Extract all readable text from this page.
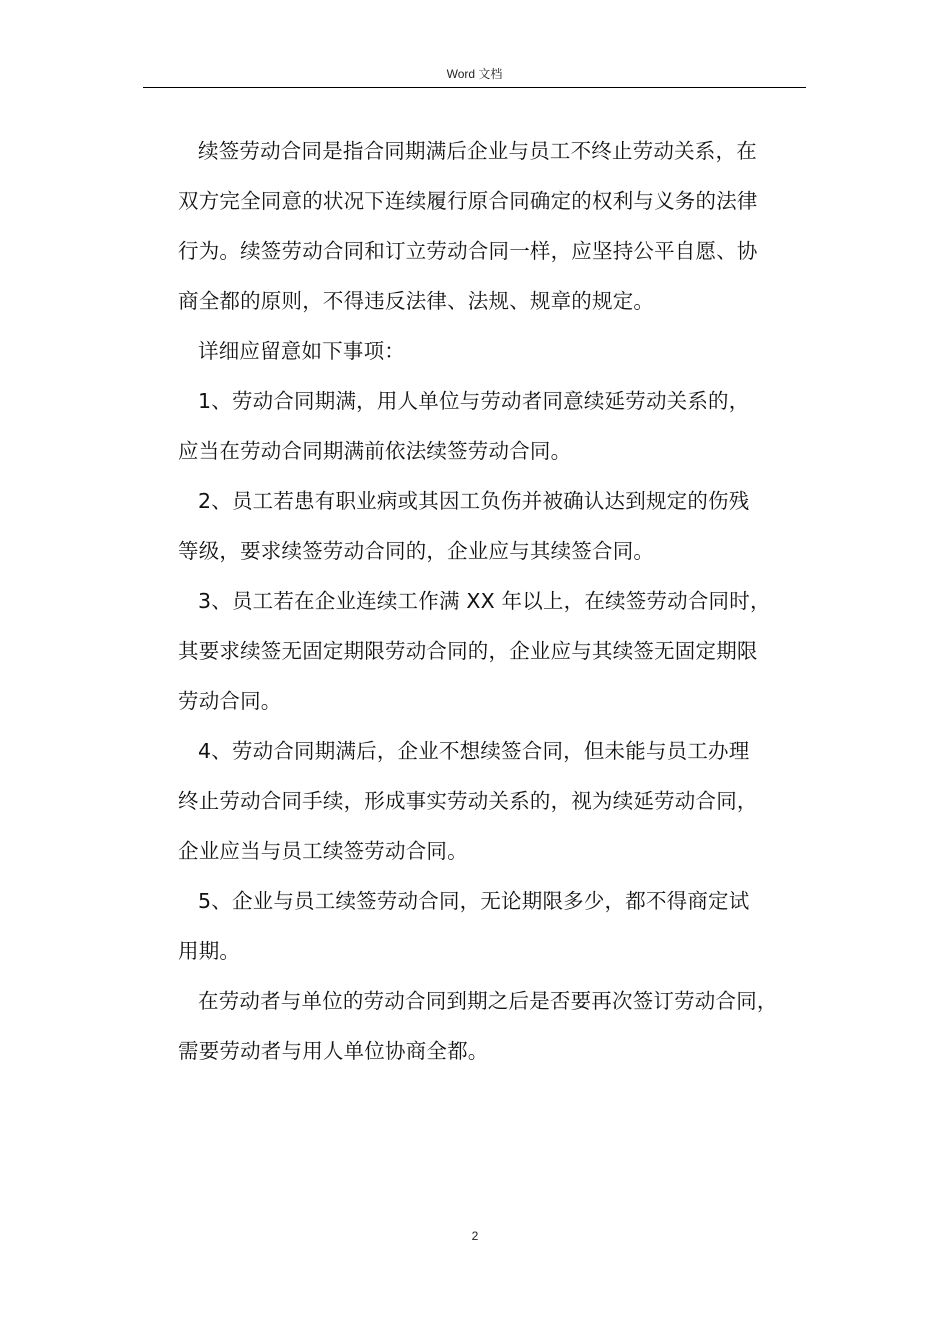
Word 文档
续签劳动合同是指合同期满后企业与员工不终止劳动关系，在
双方完全同意的状况下连续履行原合同确定的权利与义务的法律
行为。续签劳动合同和订立劳动合同一样，应坚持公平自愿、协
商全都的原则，不得违反法律、法规、规章的规定。
详细应留意如下事项：
1、劳动合同期满，用人单位与劳动者同意续延劳动关系的，
应当在劳动合同期满前依法续签劳动合同。
2、员工若患有职业病或其因工负伤并被确认达到规定的伤残
等级，要求续签劳动合同的，企业应与其续签合同。
3、员工若在企业连续工作满 XX 年以上，在续签劳动合同时，
其要求续签无固定期限劳动合同的，企业应与其续签无固定期限
劳动合同。
4、劳动合同期满后，企业不想续签合同，但未能与员工办理
终止劳动合同手续，形成事实劳动关系的，视为续延劳动合同，
企业应当与员工续签劳动合同。
5、企业与员工续签劳动合同，无论期限多少，都不得商定试
用期。
在劳动者与单位的劳动合同到期之后是否要再次签订劳动合同，
需要劳动者与用人单位协商全都。
2
